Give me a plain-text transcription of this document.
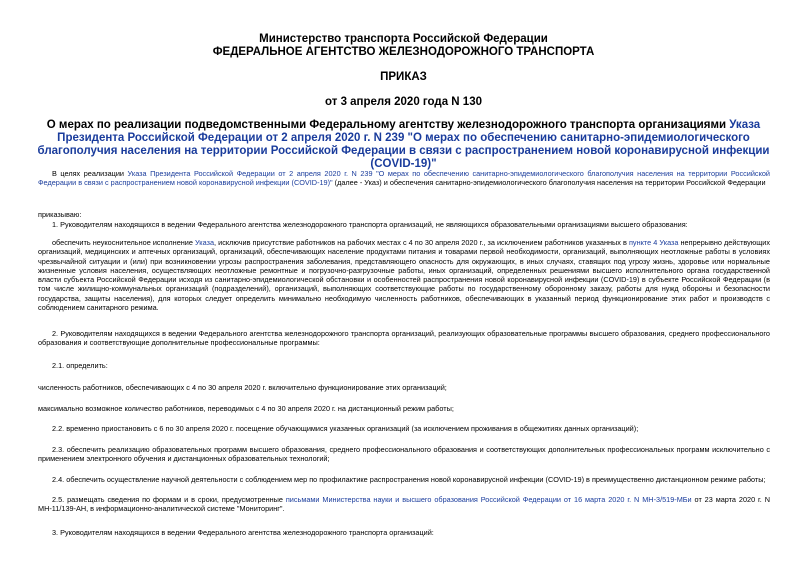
Министерство транспорта Российской Федерации
ФЕДЕРАЛЬНОЕ АГЕНТСТВО ЖЕЛЕЗНОДОРОЖНОГО ТРАНСПОРТА
ПРИКАЗ
от 3 апреля 2020 года N 130
О мерах по реализации подведомственными Федеральному агентству железнодорожного транспорта организациями Указа Президента Российской Федерации от 2 апреля 2020 г. N 239 "О мерах по обеспечению санитарно-эпидемиологического благополучия населения на территории Российской Федерации в связи с распространением новой коронавирусной инфекции (COVID-19)"
В целях реализации Указа Президента Российской Федерации от 2 апреля 2020 г. N 239 "О мерах по обеспечению санитарно-эпидемиологического благополучия населения на территории Российской Федерации в связи с распространением новой коронавирусной инфекции (COVID-19)" (далее - Указ) и обеспечения санитарно-эпидемиологического благополучия населения на территории Российской Федерации
приказываю:
1. Руководителям находящихся в ведении Федерального агентства железнодорожного транспорта организаций, не являющихся образовательными организациями высшего образования:
обеспечить неукоснительное исполнение Указа, исключив присутствие работников на рабочих местах с 4 по 30 апреля 2020 г., за исключением работников указанных в пункте 4 Указа непрерывно действующих организаций, медицинских и аптечных организаций, организаций, обеспечивающих население продуктами питания и товарами первой необходимости, организаций, выполняющих неотложные работы в условиях чрезвычайной ситуации и (или) при возникновении угрозы распространения заболевания, представляющего опасность для окружающих, в иных случаях, ставящих под угрозу жизнь, здоровье или нормальные жизненные условия населения, осуществляющих неотложные ремонтные и погрузочно-разгрузочные работы, иных организаций, определенных решениями высшего исполнительного органа государственной власти субъекта Российской Федерации исходя из санитарно-эпидемиологической обстановки и особенностей распространения новой коронавирусной инфекции (COVID-19) в субъекте Российской Федерации (в том числе жилищно-коммунальных организаций (подразделений), организаций, выполняющих соответствующие работы по государственному оборонному заказу, работы для нужд обороны и безопасности государства, защиты населения), для которых следует определить минимально необходимую численность работников, обеспечивающих в указанный период функционирование этих работ и производств с соблюдением санитарного режима.
2. Руководителям находящихся в ведении Федерального агентства железнодорожного транспорта организаций, реализующих образовательные программы высшего образования, среднего профессионального образования и соответствующие дополнительные профессиональные программы:
2.1. определить:
численность работников, обеспечивающих с 4 по 30 апреля 2020 г. включительно функционирование этих организаций;
максимально возможное количество работников, переводимых с 4 по 30 апреля 2020 г. на дистанционный режим работы;
2.2. временно приостановить с 6 по 30 апреля 2020 г. посещение обучающимися указанных организаций (за исключением проживания в общежитиях данных организаций);
2.3. обеспечить реализацию образовательных программ высшего образования, среднего профессионального образования и соответствующих дополнительных профессиональных программ исключительно с применением электронного обучения и дистанционных образовательных технологий;
2.4. обеспечить осуществление научной деятельности с соблюдением мер по профилактике распространения новой коронавирусной инфекции (COVID-19) в преимущественно дистанционном режиме работы;
2.5. размещать сведения по формам и в сроки, предусмотренные письмами Министерства науки и высшего образования Российской Федерации от 16 марта 2020 г. N МН-3/519-МБи от 23 марта 2020 г. N МН-11/139-АН, в информационно-аналитической системе "Мониторинг".
3. Руководителям находящихся в ведении Федерального агентства железнодорожного транспорта организаций:
